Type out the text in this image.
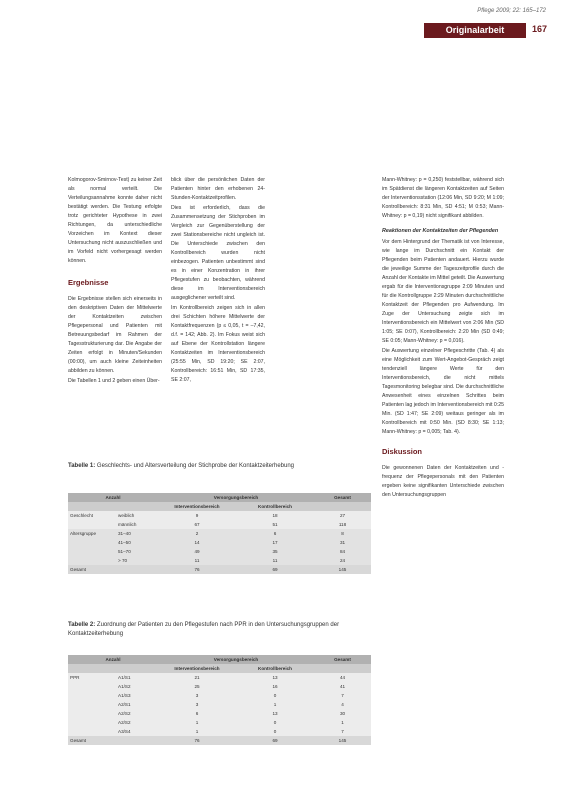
Pflege 2009; 22: 165–172
Originalarbeit	167

Kolmogorov-Smirnov-Test) zu keiner Zeit als normal verteilt. Die Verteilungsannahme konnte daher nicht bestätigt werden. Die Testung erfolgte trotz gerichteter Hypothese in zwei Richtungen, da unterschiedliche Vorzeichen im Kontext dieser Untersuchung nicht auszuschließen und im Vorfeld nicht vorhergesagt werden können.

Ergebnisse

Die Ergebnisse stellen sich einerseits in den deskriptiven Daten der Mittelwerte der Kontaktzeiten zwischen Pflegepersonal und Patienten mit Betreuungsbedarf im Rahmen der Tagesstrukturierung dar. Die Angabe der Zeiten erfolgt in Minuten/Sekunden (00:00), um auch kleine Zeiteinheiten abbilden zu können.

Die Tabellen 1 und 2 geben einen Über-

blick über die persönlichen Daten der Patienten hinter den erhobenen 24-Stunden-Kontaktzeitprofilen.

Dies ist erforderlich, dass die Zusammensetzung der Stichproben im Vergleich zur Gegenüberstellung der zwei Stationsbereiche nicht ungleich ist. Die Unterschiede zwischen den Kontrollbereich wurden nicht einbezogen. Patienten unbestimmt sind es in einer Konzentration in ihrer Pflegestufen zu beobachten, während diese im Interventionsbereich ausgeglichener verteilt sind.

Im Kontrollbereich zeigen sich in allen drei Schichten höhere Mittelwerte der Kontaktfrequenzen (p ≤ 0,05, t = –7,42, d.f. = 142; Abb. 2). Im Fokus weist sich auf Ebene der Kontrollstation längere Kontaktzeiten im Interventionsbereich (25:55 Min, SD 19:20; SE 2:07, Kontrollbereich: 16:51 Min, SD 17:35, SE 2:07,

Mann-Whitney: p = 0,250) feststellbar, während sich im Spätdienst die längeren Kontaktzeiten auf Seiten der Interventionsstation (12:06 Min, SD 9:20; M 1:09; Kontrollbereich: 8:31 Min, SD 4:51; M 0:53; Mann-Whitney: p = 0,19) nicht signifikant abbilden.

Reaktionen der Kontaktzeiten der Pflegenden

Vor dem Hintergrund der Thematik ist von Interesse, wie lange im Durchschnitt ein Kontakt der Pflegenden beim Patienten andauert. Hierzu wurde die jeweilige Summe der Tageszeitprofile durch die Anzahl der Kontakte im Mittel geteilt. Die Auswertung ergab für die Interventionsgruppe 2:09 Minuten und für die Kontrollgruppe 2:29 Minuten durchschnittliche Kontaktzeit der Pflegenden pro Aufwendung. Im Zuge der Untersuchung zeigte sich im Interventionsbereich ein Mittelwert von 2:06 Min (SD 1:05; SE 0:07), Kontrollbereich: 2:20 Min (SD 0:49; SE 0:05; Mann-Whitney: p = 0,016).

Die Auswertung einzelner Pflegeschritte (Tab. 4) als eine Möglichkeit zum Wert-Angebot-Gespräch zeigt tendenziell längere Werte für den Interventionsbereich, die nicht mittels Tagesmonitoring belegbar sind. Die durchschnittliche Anwesenheit eines einzelnen Schrittes beim Patienten lag jedoch im Interventionsbereich mit 0:25 Min. (SD 1:47; SE 2:09) weitaus geringer als im Kontrollbereich mit 0:50 Min. (SD 8:30; SE 1:13; Mann-Whitney: p = 0,005; Tab. 4).

Diskussion

Die gewonnenen Daten der Kontaktzeiten und -frequenz der Pflegepersonals mit den Patienten ergeben keine signifikanten Unterschiede zwischen den Untersuchungsgruppen

Tabelle 1: Geschlechts- und Altersverteilung der Stichprobe der Kontaktzeiterhebung
Anzahl		Versorgungsbereich		Gesamt
		Interventionsbereich	Kontrollbereich	
Geschlecht	weiblich	9	18	27
	männlich	67	51	118
Altersgruppe	31–40	2	6	8
	41–50	14	17	31
	51–70	49	35	84
	> 70	11	11	24
Gesamt		76	69	145
Tabelle 2: Zuordnung der Patienten zu den Pflegestufen nach PPR in den Untersuchungsgruppen der Kontaktzeiterhebung
Anzahl		Versorgungsbereich		Gesamt
		Interventionsbereich	Kontrollbereich	
PPR	A1/S1	21	13	44
	A1/S2	25	16	41
	A1/S3	3	0	7
	A2/S1	3	1	4
	A2/S2	6	13	30
	A2/S2	1	0	1
	A3/S4	1	0	7
Gesamt		76	69	145
